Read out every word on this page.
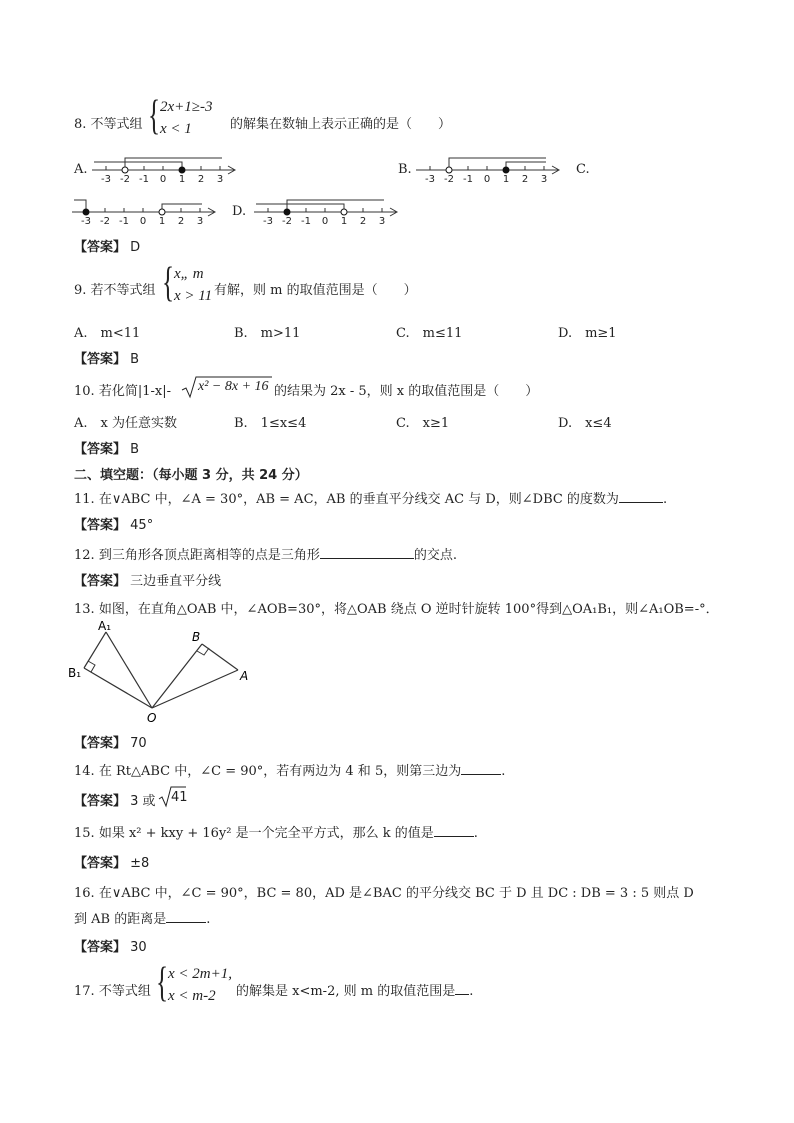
8. 不等式组 { 2x+1≥-3
x < 1	的解集在数轴上表示正确的是（　　）
A.	B.	C.
D.
-3 -2 -1 0 1 2 3	-3 -2 -1 0 1 2 3
-3 -2 -1 0 1 2 3	-3 -2 -1 0 1 2 3
【答案】 D
9. 若不等式组 { x„ m
x > 11 有解，则 m 的取值范围是（　　）
A.　m<11	B.　m>11	C.　m≤11	D.　m≥1
【答案】 B
10. 若化简|1-x|- x² − 8x + 16 的结果为 2x - 5，则 x 的取值范围是（　　）
A.　x 为任意实数	B.　1≤x≤4	C.　x≥1	D.　x≤4
【答案】 B
二、填空题：（每小题 3 分，共 24 分）
11. 在∨ABC 中，∠A = 30°，AB = AC，AB 的垂直平分线交 AC 与 D，则∠DBC 的度数为	.
【答案】 45°
12. 到三角形各顶点距离相等的点是三角形	的交点.
【答案】 三边垂直平分线
13. 如图，在直角△OAB 中，∠AOB=30°，将△OAB 绕点 O 逆时针旋转 100°得到△OA₁B₁，则∠A₁OB=-°．
A₁
B₁
B
A
O
【答案】 70
14. 在 Rt△ABC 中，∠C = 90°，若有两边为 4 和 5，则第三边为	.
【答案】 3 或 41
15. 如果 x² + kxy + 16y² 是一个完全平方式，那么 k 的值是	.
【答案】 ±8
16. 在∨ABC 中，∠C = 90°，BC = 80，AD 是∠BAC 的平分线交 BC 于 D 且 DC : DB = 3 : 5 则点 D
到 AB 的距离是	.
【答案】 30
17. 不等式组 { x < 2m+1,
x < m-2	的解集是 x<m-2, 则 m 的取值范围是 .
